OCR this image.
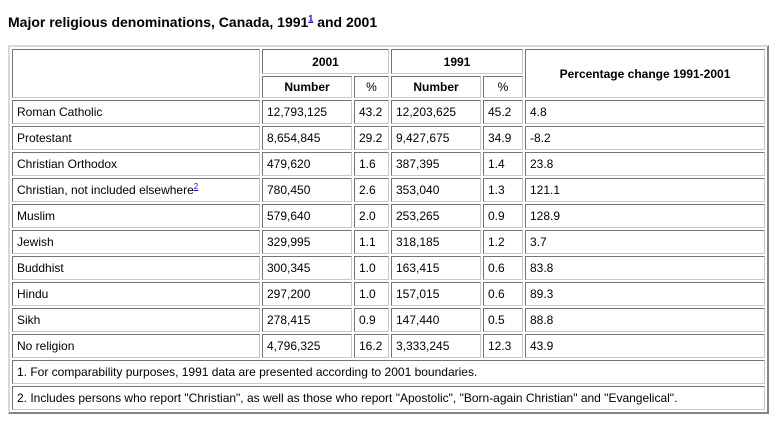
Major religious denominations, Canada, 1991$^1$ and 2001
	2001		1991		Percentage change 1991-2001
	Number	%	Number	%	
Roman Catholic	12,793,125	43.2	12,203,625	45.2	4.8
Protestant	8,654,845	29.2	9,427,675	34.9	-8.2
Christian Orthodox	479,620	1.6	387,395	1.4	23.8
Christian, not included elsewhere$^2$	780,450	2.6	353,040	1.3	121.1
Muslim	579,640	2.0	253,265	0.9	128.9
Jewish	329,995	1.1	318,185	1.2	3.7
Buddhist	300,345	1.0	163,415	0.6	83.8
Hindu	297,200	1.0	157,015	0.6	89.3
Sikh	278,415	0.9	147,440	0.5	88.8
No religion	4,796,325	16.2	3,333,245	12.3	43.9
1. For comparability purposes, 1991 data are presented according to 2001 boundaries.					
2. Includes persons who report "Christian", as well as those who report "Apostolic", "Born-again Christian" and "Evangelical".					
